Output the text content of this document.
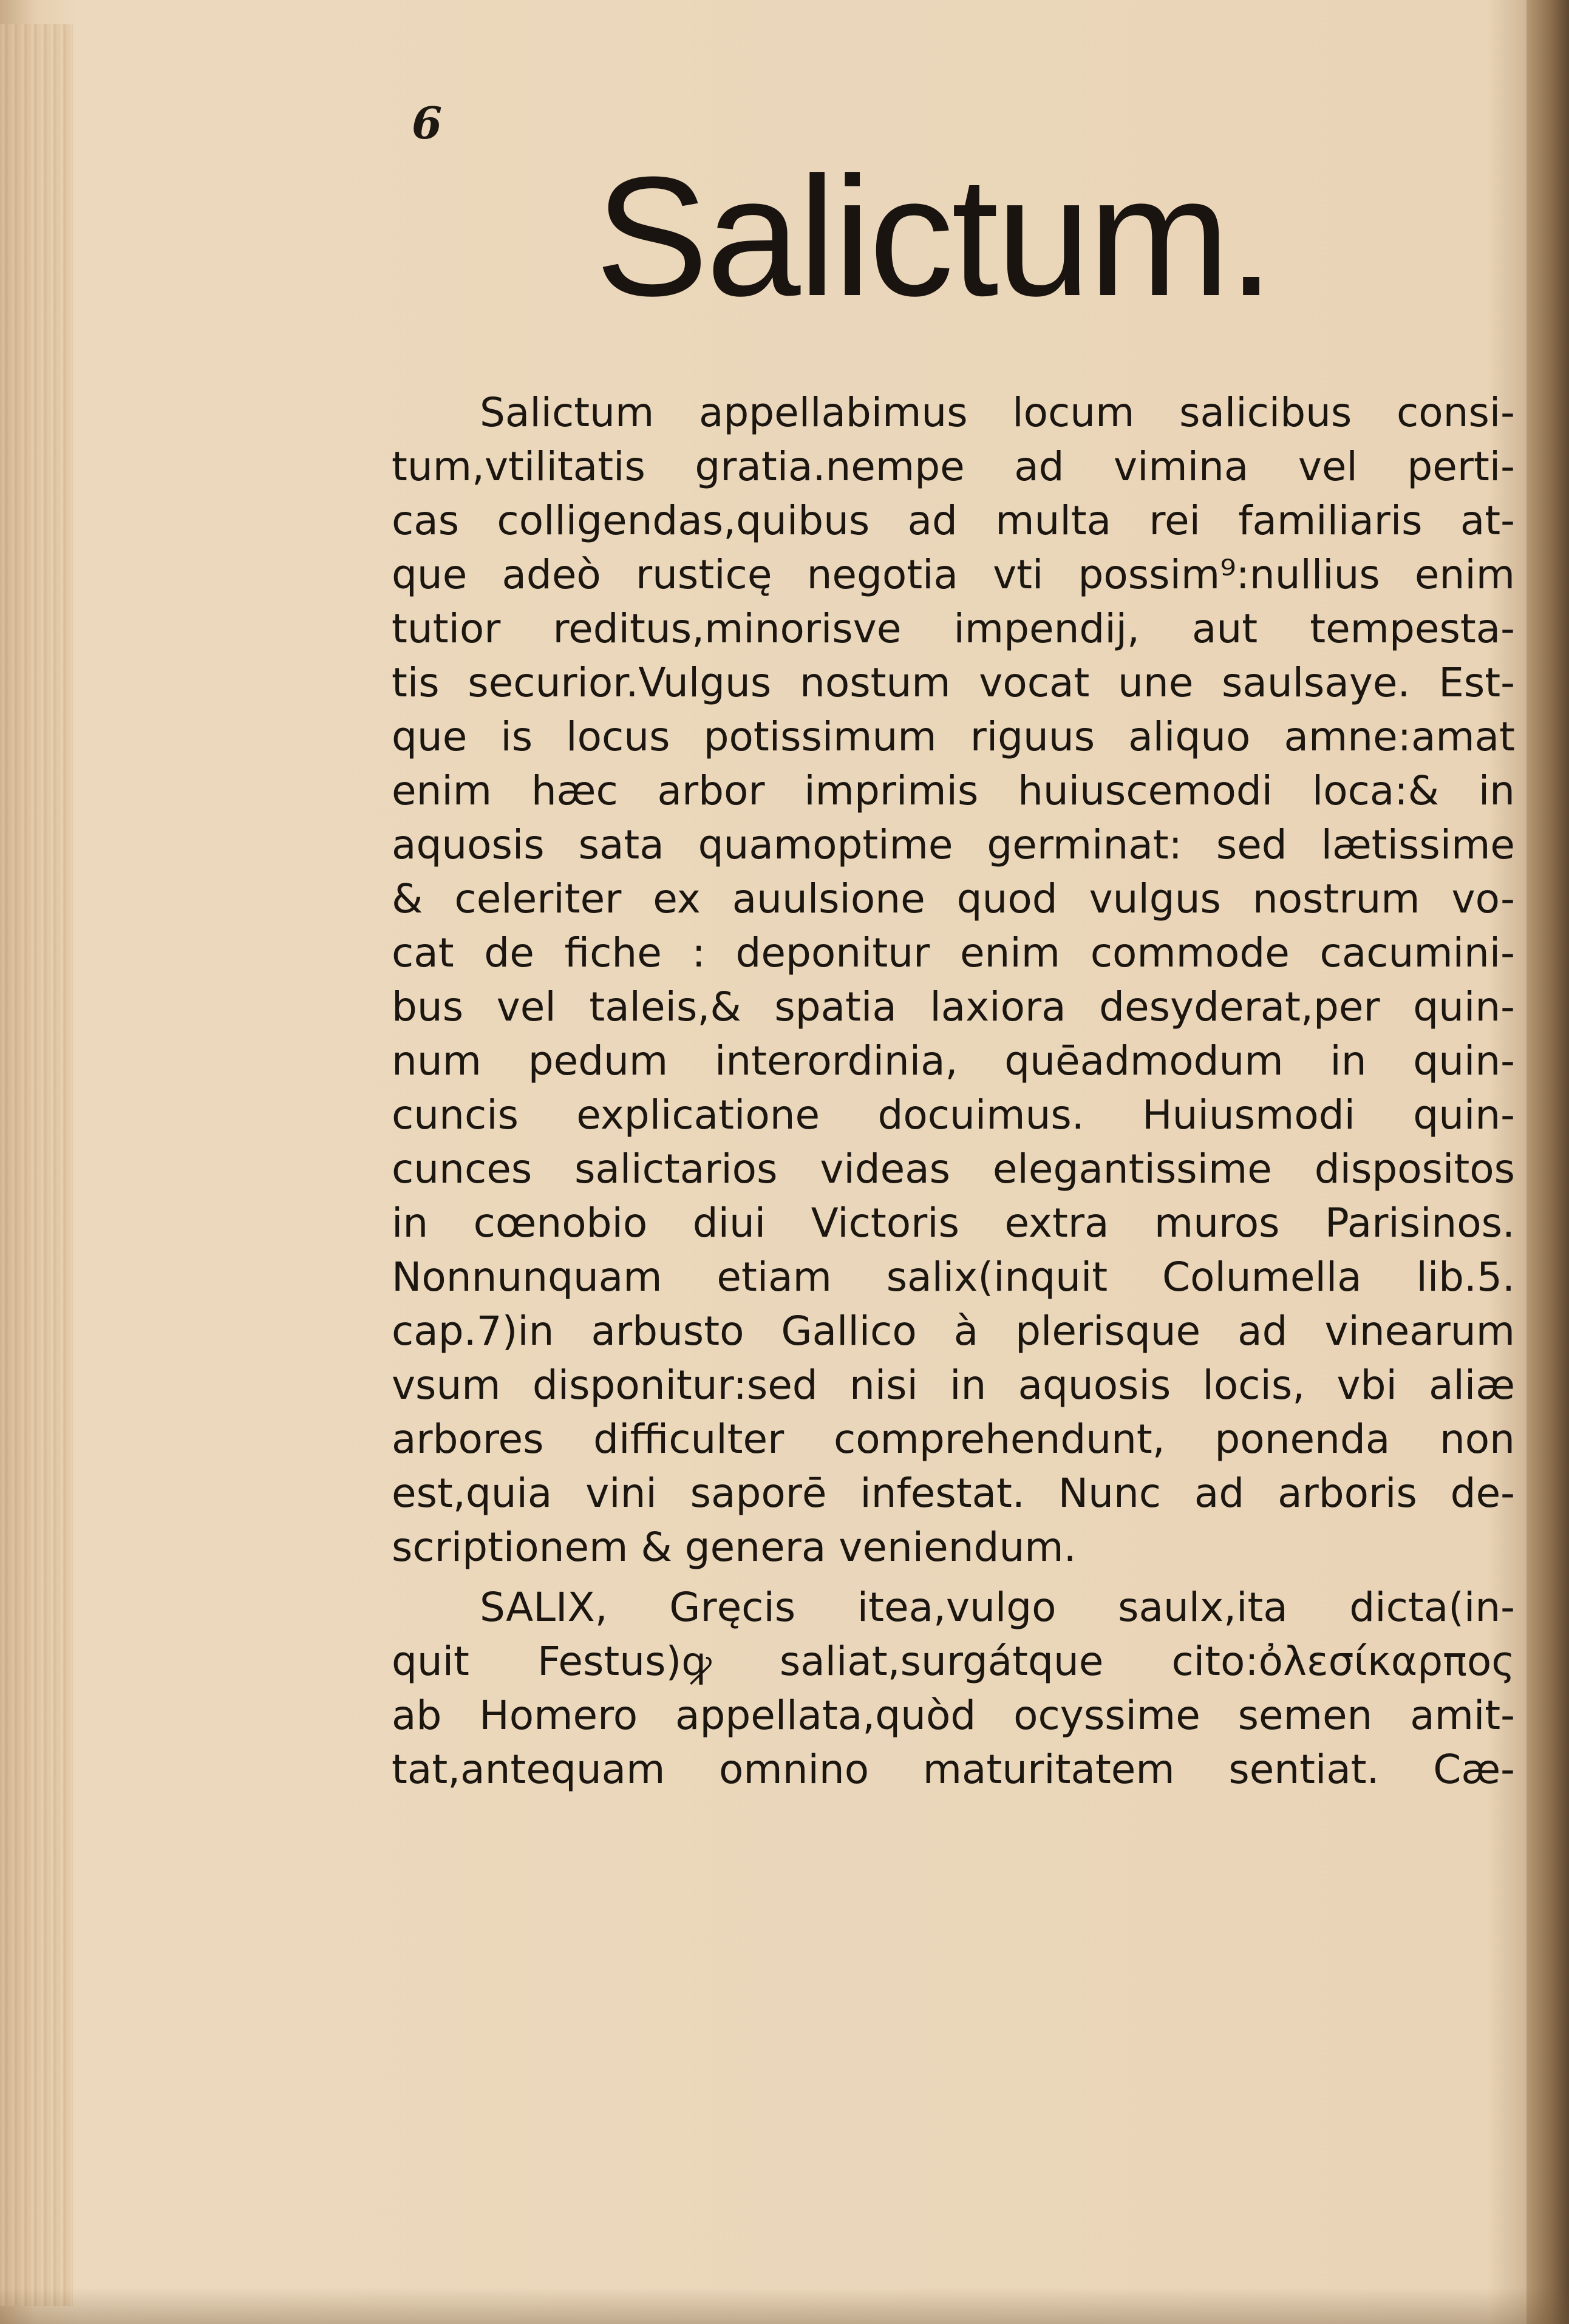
6
Salictum.
Salictum appellabimus locum salicibus consi-
tum,vtilitatis gratia.nempe ad vimina vel perti-
cas colligendas,quibus ad multa rei familiaris at-
que adeò rusticę negotia vti possim⁹:nullius enim
tutior reditus,minorisve impendij, aut tempesta-
tis securior.Vulgus nostum vocat une saulsaye. Est-
que is locus potissimum riguus aliquo amne:amat
enim hæc arbor imprimis huiuscemodi loca:& in
aquosis sata quamoptime germinat: sed lætissime
& celeriter ex auulsione quod vulgus nostrum vo-
cat de fiche : deponitur enim commode cacumini-
bus vel taleis,& spatia laxiora desyderat,per quin-
num pedum interordinia, quēadmodum in quin-
cuncis explicatione docuimus. Huiusmodi quin-
cunces salictarios videas elegantissime dispositos
in cœnobio diui Victoris extra muros Parisinos.
Nonnunquam etiam salix(inquit Columella lib.5.
cap.7)in arbusto Gallico à plerisque ad vinearum
vsum disponitur:sed nisi in aquosis locis, vbi aliæ
arbores difficulter comprehendunt, ponenda non
est,quia vini saporē infestat. Nunc ad arboris de-
scriptionem & genera veniendum.
SALIX, Gręcis itea,vulgo saulx,ita dicta(in-
quit Festus)ꝙ saliat,surgátque cito:ὀλεσίκαρπος
ab Homero appellata,quòd ocyssime semen amit-
tat,antequam omnino maturitatem sentiat. Cæ-
